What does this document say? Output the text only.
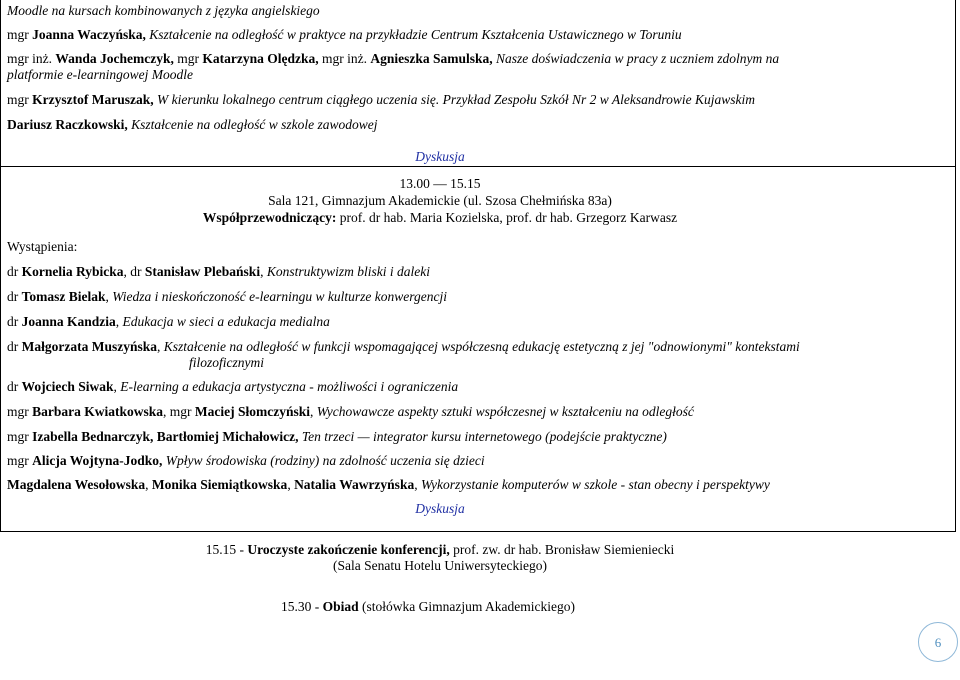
Moodle na kursach kombinowanych z języka angielskiego
mgr Joanna Waczyńska, Kształcenie na odległość w praktyce na przykładzie Centrum Kształcenia Ustawicznego w Toruniu
mgr inż. Wanda Jochemczyk, mgr Katarzyna Olędzka, mgr inż. Agnieszka Samulska, Nasze doświadczenia w pracy z uczniem zdolnym na
platformie e-learningowej Moodle
mgr Krzysztof Maruszak, W kierunku lokalnego centrum ciągłego uczenia się. Przykład Zespołu Szkół Nr 2 w Aleksandrowie Kujawskim
Dariusz Raczkowski, Kształcenie na odległość w szkole zawodowej
Dyskusja
13.00 — 15.15
Sala 121, Gimnazjum Akademickie (ul. Szosa Chełmińska 83a)
Współprzewodniczący: prof. dr hab. Maria Kozielska, prof. dr hab. Grzegorz Karwasz
Wystąpienia:
dr Kornelia Rybicka, dr Stanisław Plebański, Konstruktywizm bliski i daleki
dr Tomasz Bielak, Wiedza i nieskończoność e-learningu w kulturze konwergencji
dr Joanna Kandzia, Edukacja w sieci a edukacja medialna
dr Małgorzata Muszyńska, Kształcenie na odległość w funkcji wspomagającej współczesną edukację estetyczną z jej "odnowionymi" kontekstami
filozoficznymi
dr Wojciech Siwak, E-learning a edukacja artystyczna - możliwości i ograniczenia
mgr Barbara Kwiatkowska, mgr Maciej Słomczyński, Wychowawcze aspekty sztuki współczesnej w kształceniu na odległość
mgr Izabella Bednarczyk, Bartłomiej Michałowicz, Ten trzeci — integrator kursu internetowego (podejście praktyczne)
mgr Alicja Wojtyna-Jodko, Wpływ środowiska (rodziny) na zdolność uczenia się dzieci
Magdalena Wesołowska, Monika Siemiątkowska, Natalia Wawrzyńska, Wykorzystanie komputerów w szkole - stan obecny i perspektywy
Dyskusja
15.15 - Uroczyste zakończenie konferencji, prof. zw. dr hab. Bronisław Siemieniecki
(Sala Senatu Hotelu Uniwersyteckiego)
15.30 - Obiad (stołówka Gimnazjum Akademickiego)
6
